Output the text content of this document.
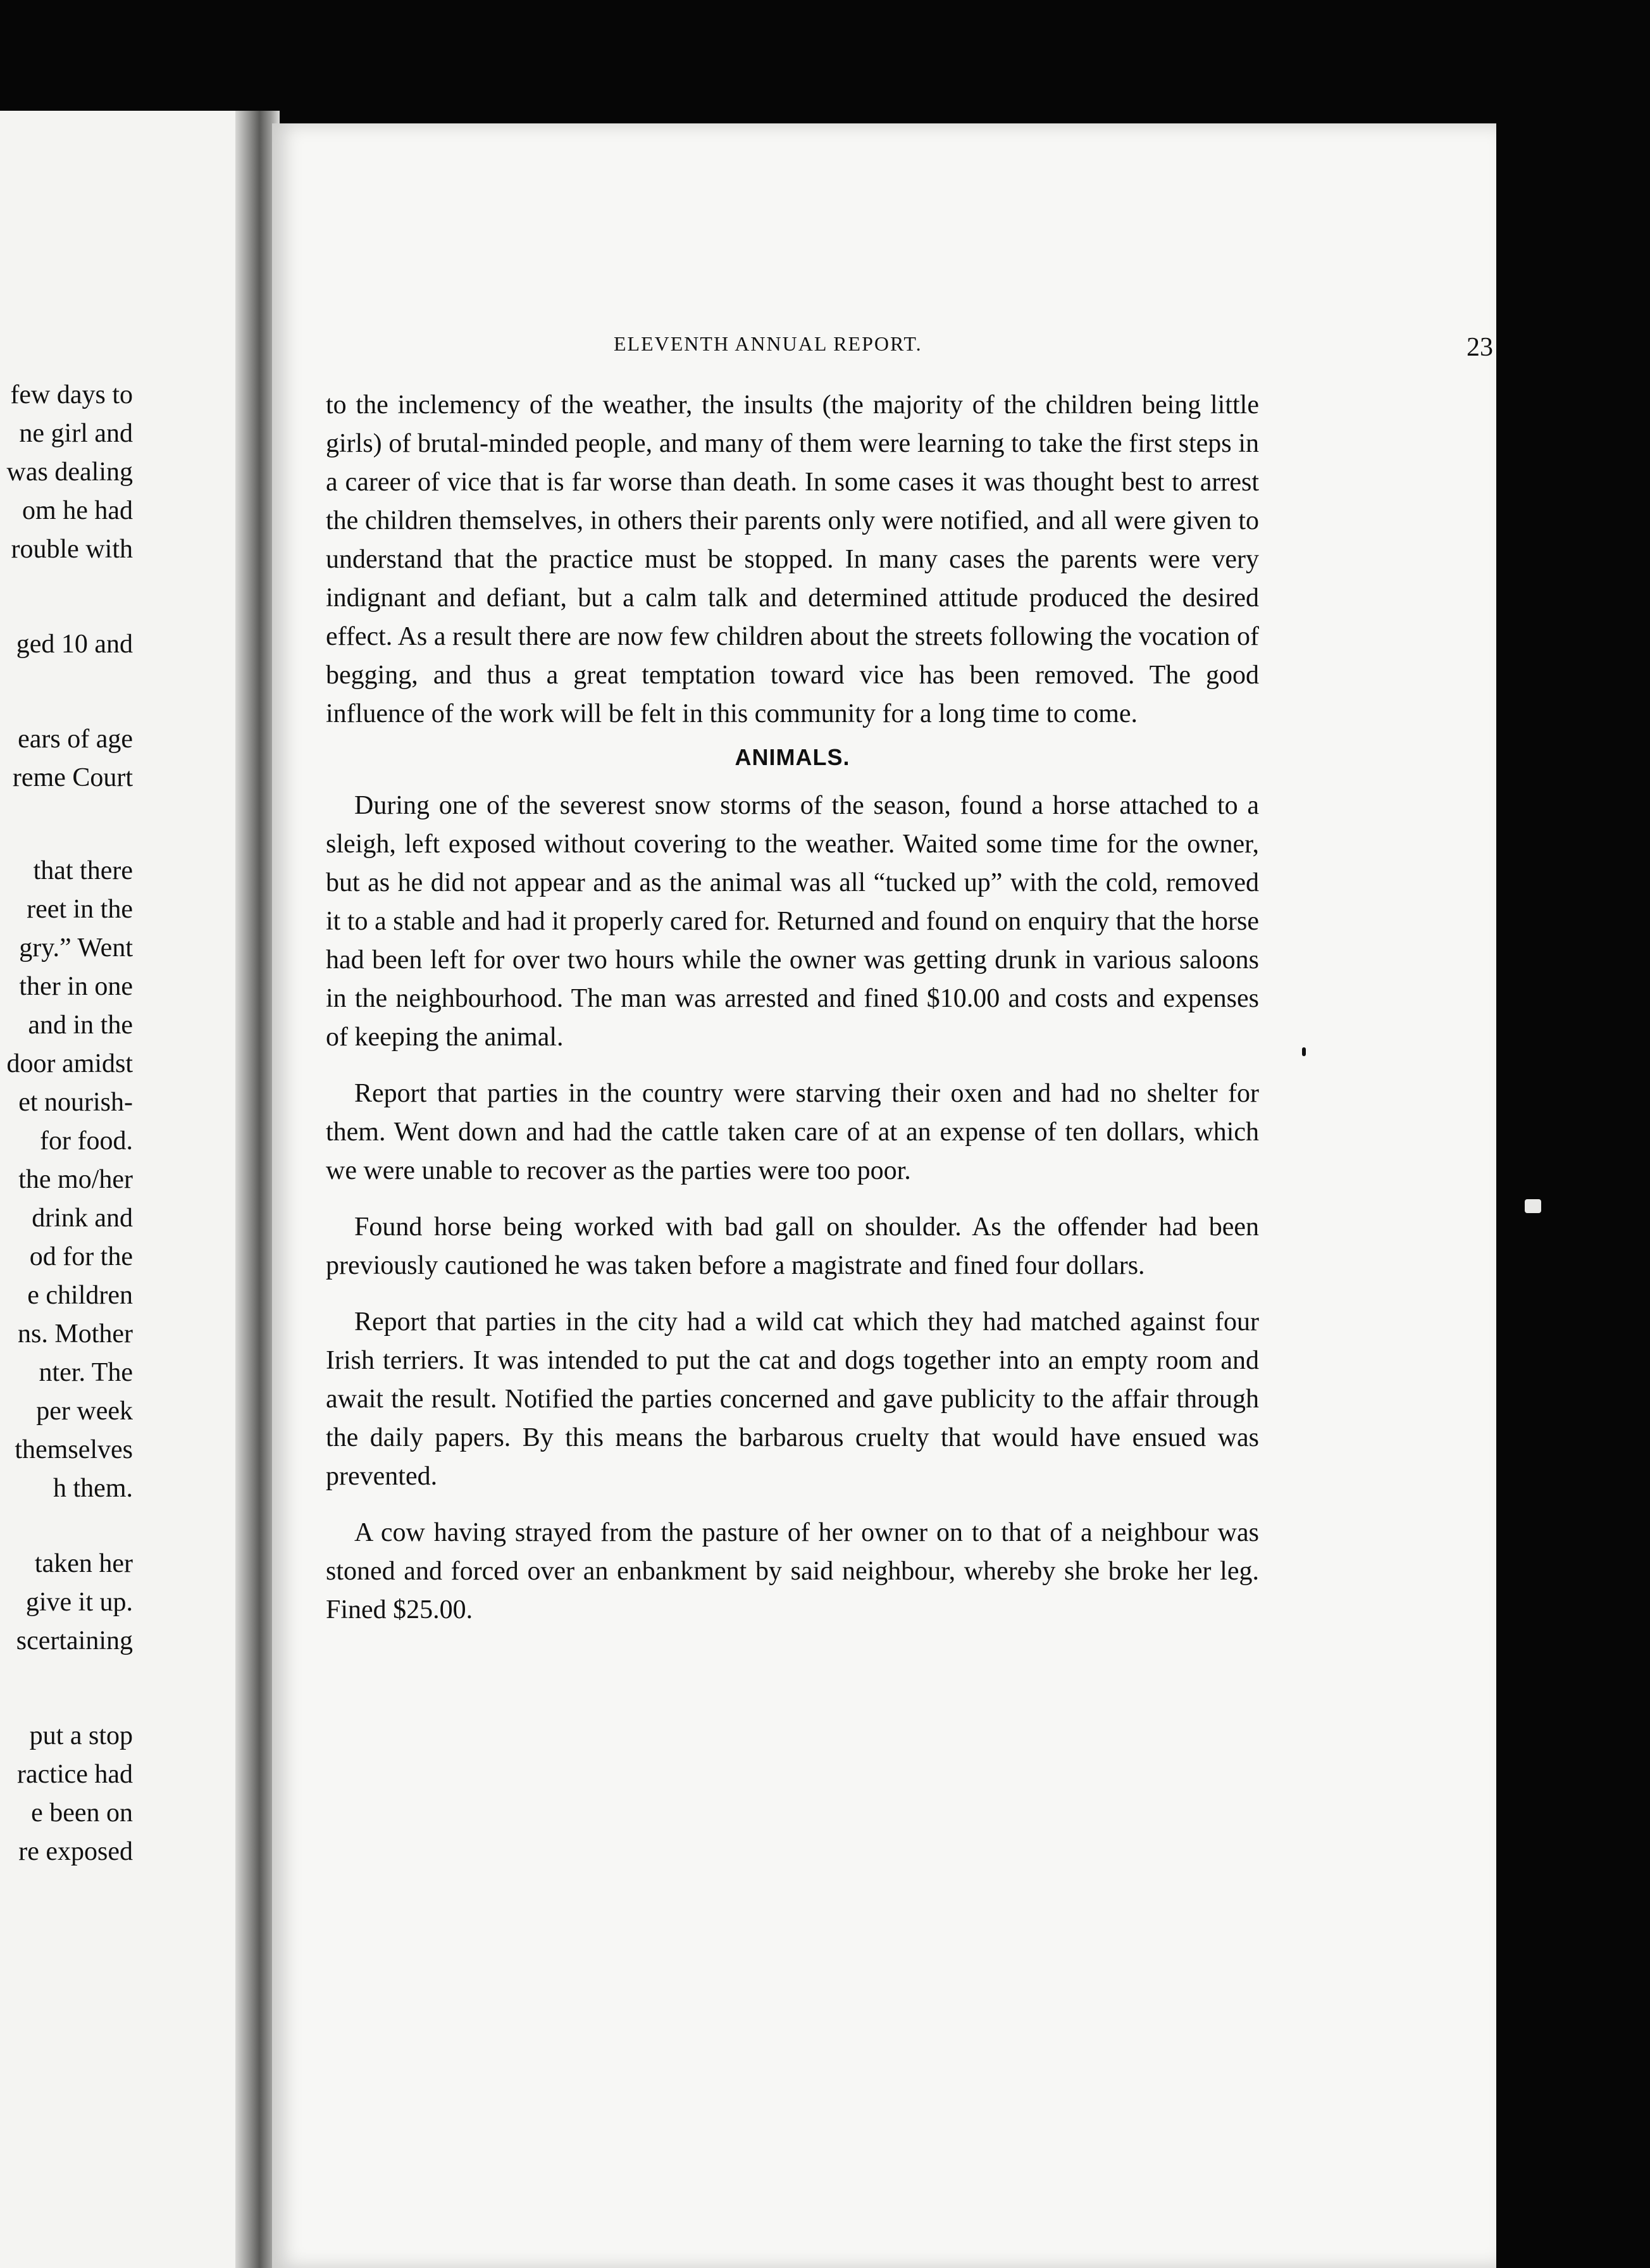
few days to
ne girl and
was dealing
om he had
rouble with
ged 10 and
ears of age
reme Court
that there
reet in the
gry.” Went
ther in one
and in the
door amidst
et nourish-
for food.
the mo/her
drink and
od for the
e children
ns. Mother
nter. The
per week
themselves
h them.
taken her
give it up.
scertaining
put a stop
ractice had
e been on
re exposed
ELEVENTH ANNUAL REPORT.	23

to the inclemency of the weather, the insults (the majority of the children being little girls) of brutal-minded people, and many of them were learning to take the first steps in a career of vice that is far worse than death. In some cases it was thought best to arrest the children themselves, in others their parents only were notified, and all were given to understand that the practice must be stopped. In many cases the parents were very indignant and defiant, but a calm talk and determined attitude produced the desired effect. As a result there are now few children about the streets following the vocation of begging, and thus a great temptation toward vice has been removed. The good influence of the work will be felt in this community for a long time to come.

ANIMALS.

During one of the severest snow storms of the season, found a horse attached to a sleigh, left exposed without covering to the weather. Waited some time for the owner, but as he did not appear and as the animal was all “tucked up” with the cold, removed it to a stable and had it properly cared for. Returned and found on enquiry that the horse had been left for over two hours while the owner was getting drunk in various saloons in the neighbourhood. The man was arrested and fined $10.00 and costs and expenses of keeping the animal.

Report that parties in the country were starving their oxen and had no shelter for them. Went down and had the cattle taken care of at an expense of ten dollars, which we were unable to recover as the parties were too poor.

Found horse being worked with bad gall on shoulder. As the offender had been previously cautioned he was taken before a magistrate and fined four dollars.

Report that parties in the city had a wild cat which they had matched against four Irish terriers. It was intended to put the cat and dogs together into an empty room and await the result. Notified the parties concerned and gave publicity to the affair through the daily papers. By this means the barbarous cruelty that would have ensued was prevented.

A cow having strayed from the pasture of her owner on to that of a neighbour was stoned and forced over an enbankment by said neighbour, whereby she broke her leg. Fined $25.00.
